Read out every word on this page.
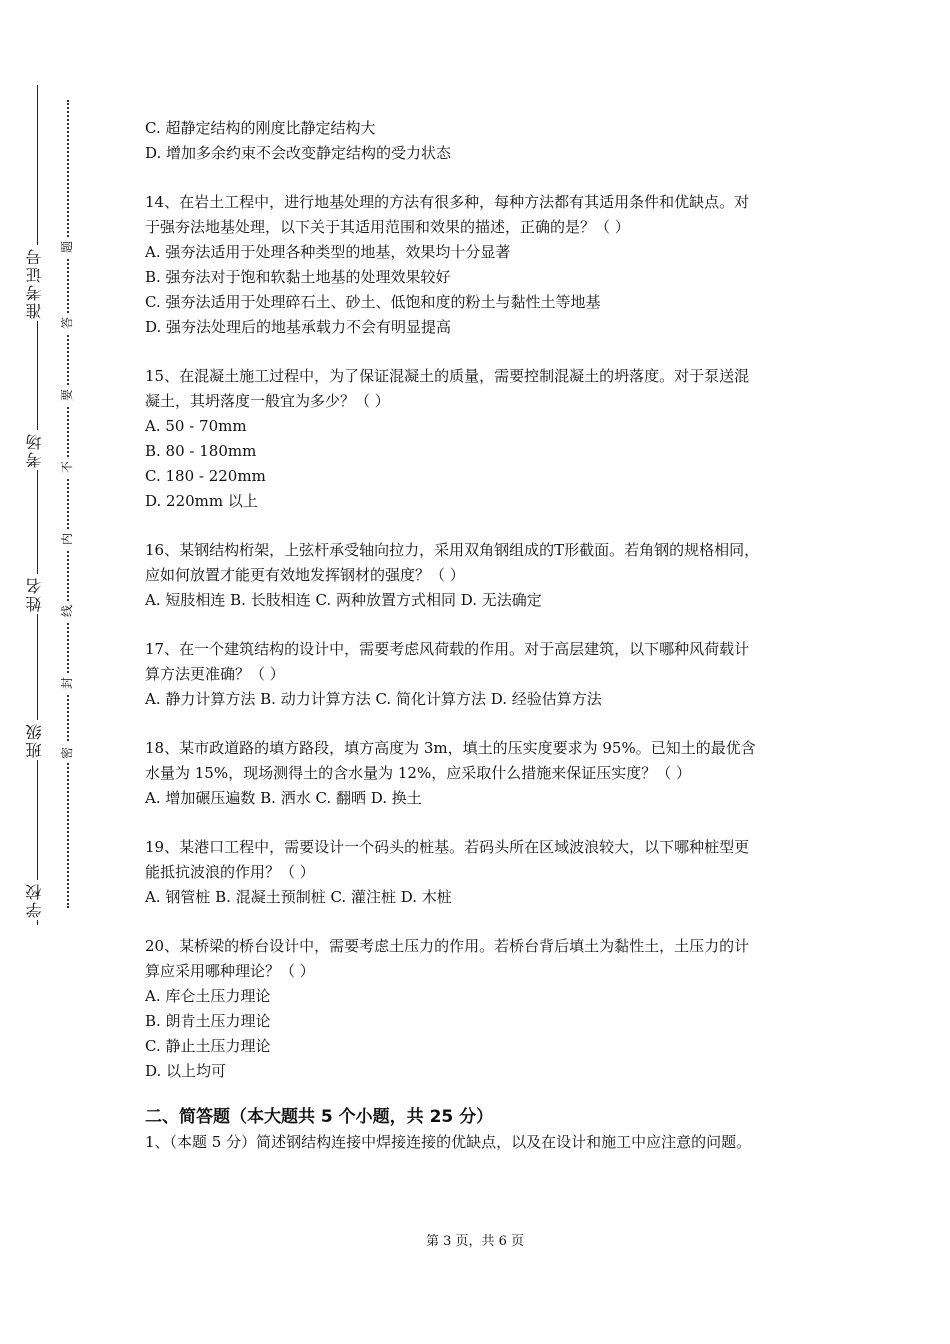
准考证号
考场
姓名
班级
学校
题
答
要
不
内
线
封
密

C. 超静定结构的刚度比静定结构大

D. 增加多余约束不会改变静定结构的受力状态

14、在岩土工程中，进行地基处理的方法有很多种，每种方法都有其适用条件和优缺点。对

于强夯法地基处理，以下关于其适用范围和效果的描述，正确的是？（ ）

A. 强夯法适用于处理各种类型的地基，效果均十分显著

B. 强夯法对于饱和软黏土地基的处理效果较好

C. 强夯法适用于处理碎石土、砂土、低饱和度的粉土与黏性土等地基

D. 强夯法处理后的地基承载力不会有明显提高

15、在混凝土施工过程中，为了保证混凝土的质量，需要控制混凝土的坍落度。对于泵送混

凝土，其坍落度一般宜为多少？（ ）

A. 50 - 70mm

B. 80 - 180mm

C. 180 - 220mm

D. 220mm 以上

16、某钢结构桁架，上弦杆承受轴向拉力，采用双角钢组成的T形截面。若角钢的规格相同，

应如何放置才能更有效地发挥钢材的强度？（ ）

A. 短肢相连 B. 长肢相连 C. 两种放置方式相同 D. 无法确定

17、在一个建筑结构的设计中，需要考虑风荷载的作用。对于高层建筑，以下哪种风荷载计

算方法更准确？（ ）

A. 静力计算方法 B. 动力计算方法 C. 简化计算方法 D. 经验估算方法

18、某市政道路的填方路段，填方高度为 3m，填土的压实度要求为 95%。已知土的最优含

水量为 15%，现场测得土的含水量为 12%，应采取什么措施来保证压实度？（ ）

A. 增加碾压遍数 B. 洒水 C. 翻晒 D. 换土

19、某港口工程中，需要设计一个码头的桩基。若码头所在区域波浪较大，以下哪种桩型更

能抵抗波浪的作用？（ ）

A. 钢管桩 B. 混凝土预制桩 C. 灌注桩 D. 木桩

20、某桥梁的桥台设计中，需要考虑土压力的作用。若桥台背后填土为黏性土，土压力的计

算应采用哪种理论？（ ）

A. 库仑土压力理论

B. 朗肯土压力理论

C. 静止土压力理论

D. 以上均可

二、简答题（本大题共 5 个小题，共 25 分）

1、（本题 5 分）简述钢结构连接中焊接连接的优缺点，以及在设计和施工中应注意的问题。

第 3 页，共 6 页
